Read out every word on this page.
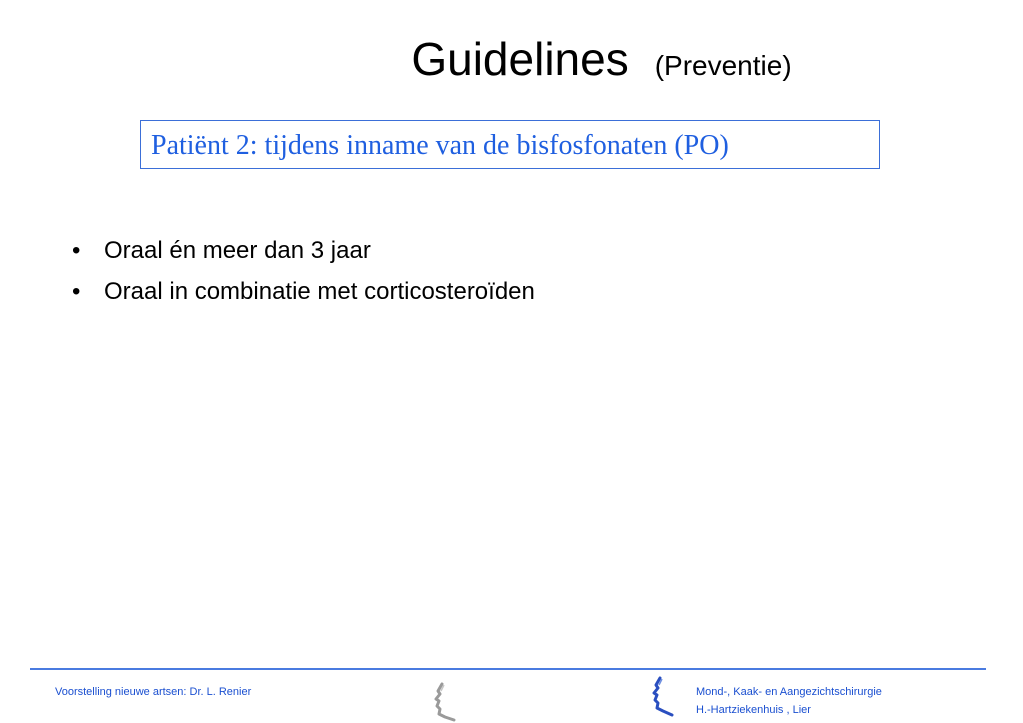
Guidelines (Preventie)
Patiënt 2: tijdens inname van de bisfosfonaten (PO)
• Oraal én meer dan 3 jaar
• Oraal in combinatie met corticosteroïden
Voorstelling nieuwe artsen: Dr. L. Renier	Mond-, Kaak- en Aangezichtschirurgie
H.-Hartziekenhuis , Lier
